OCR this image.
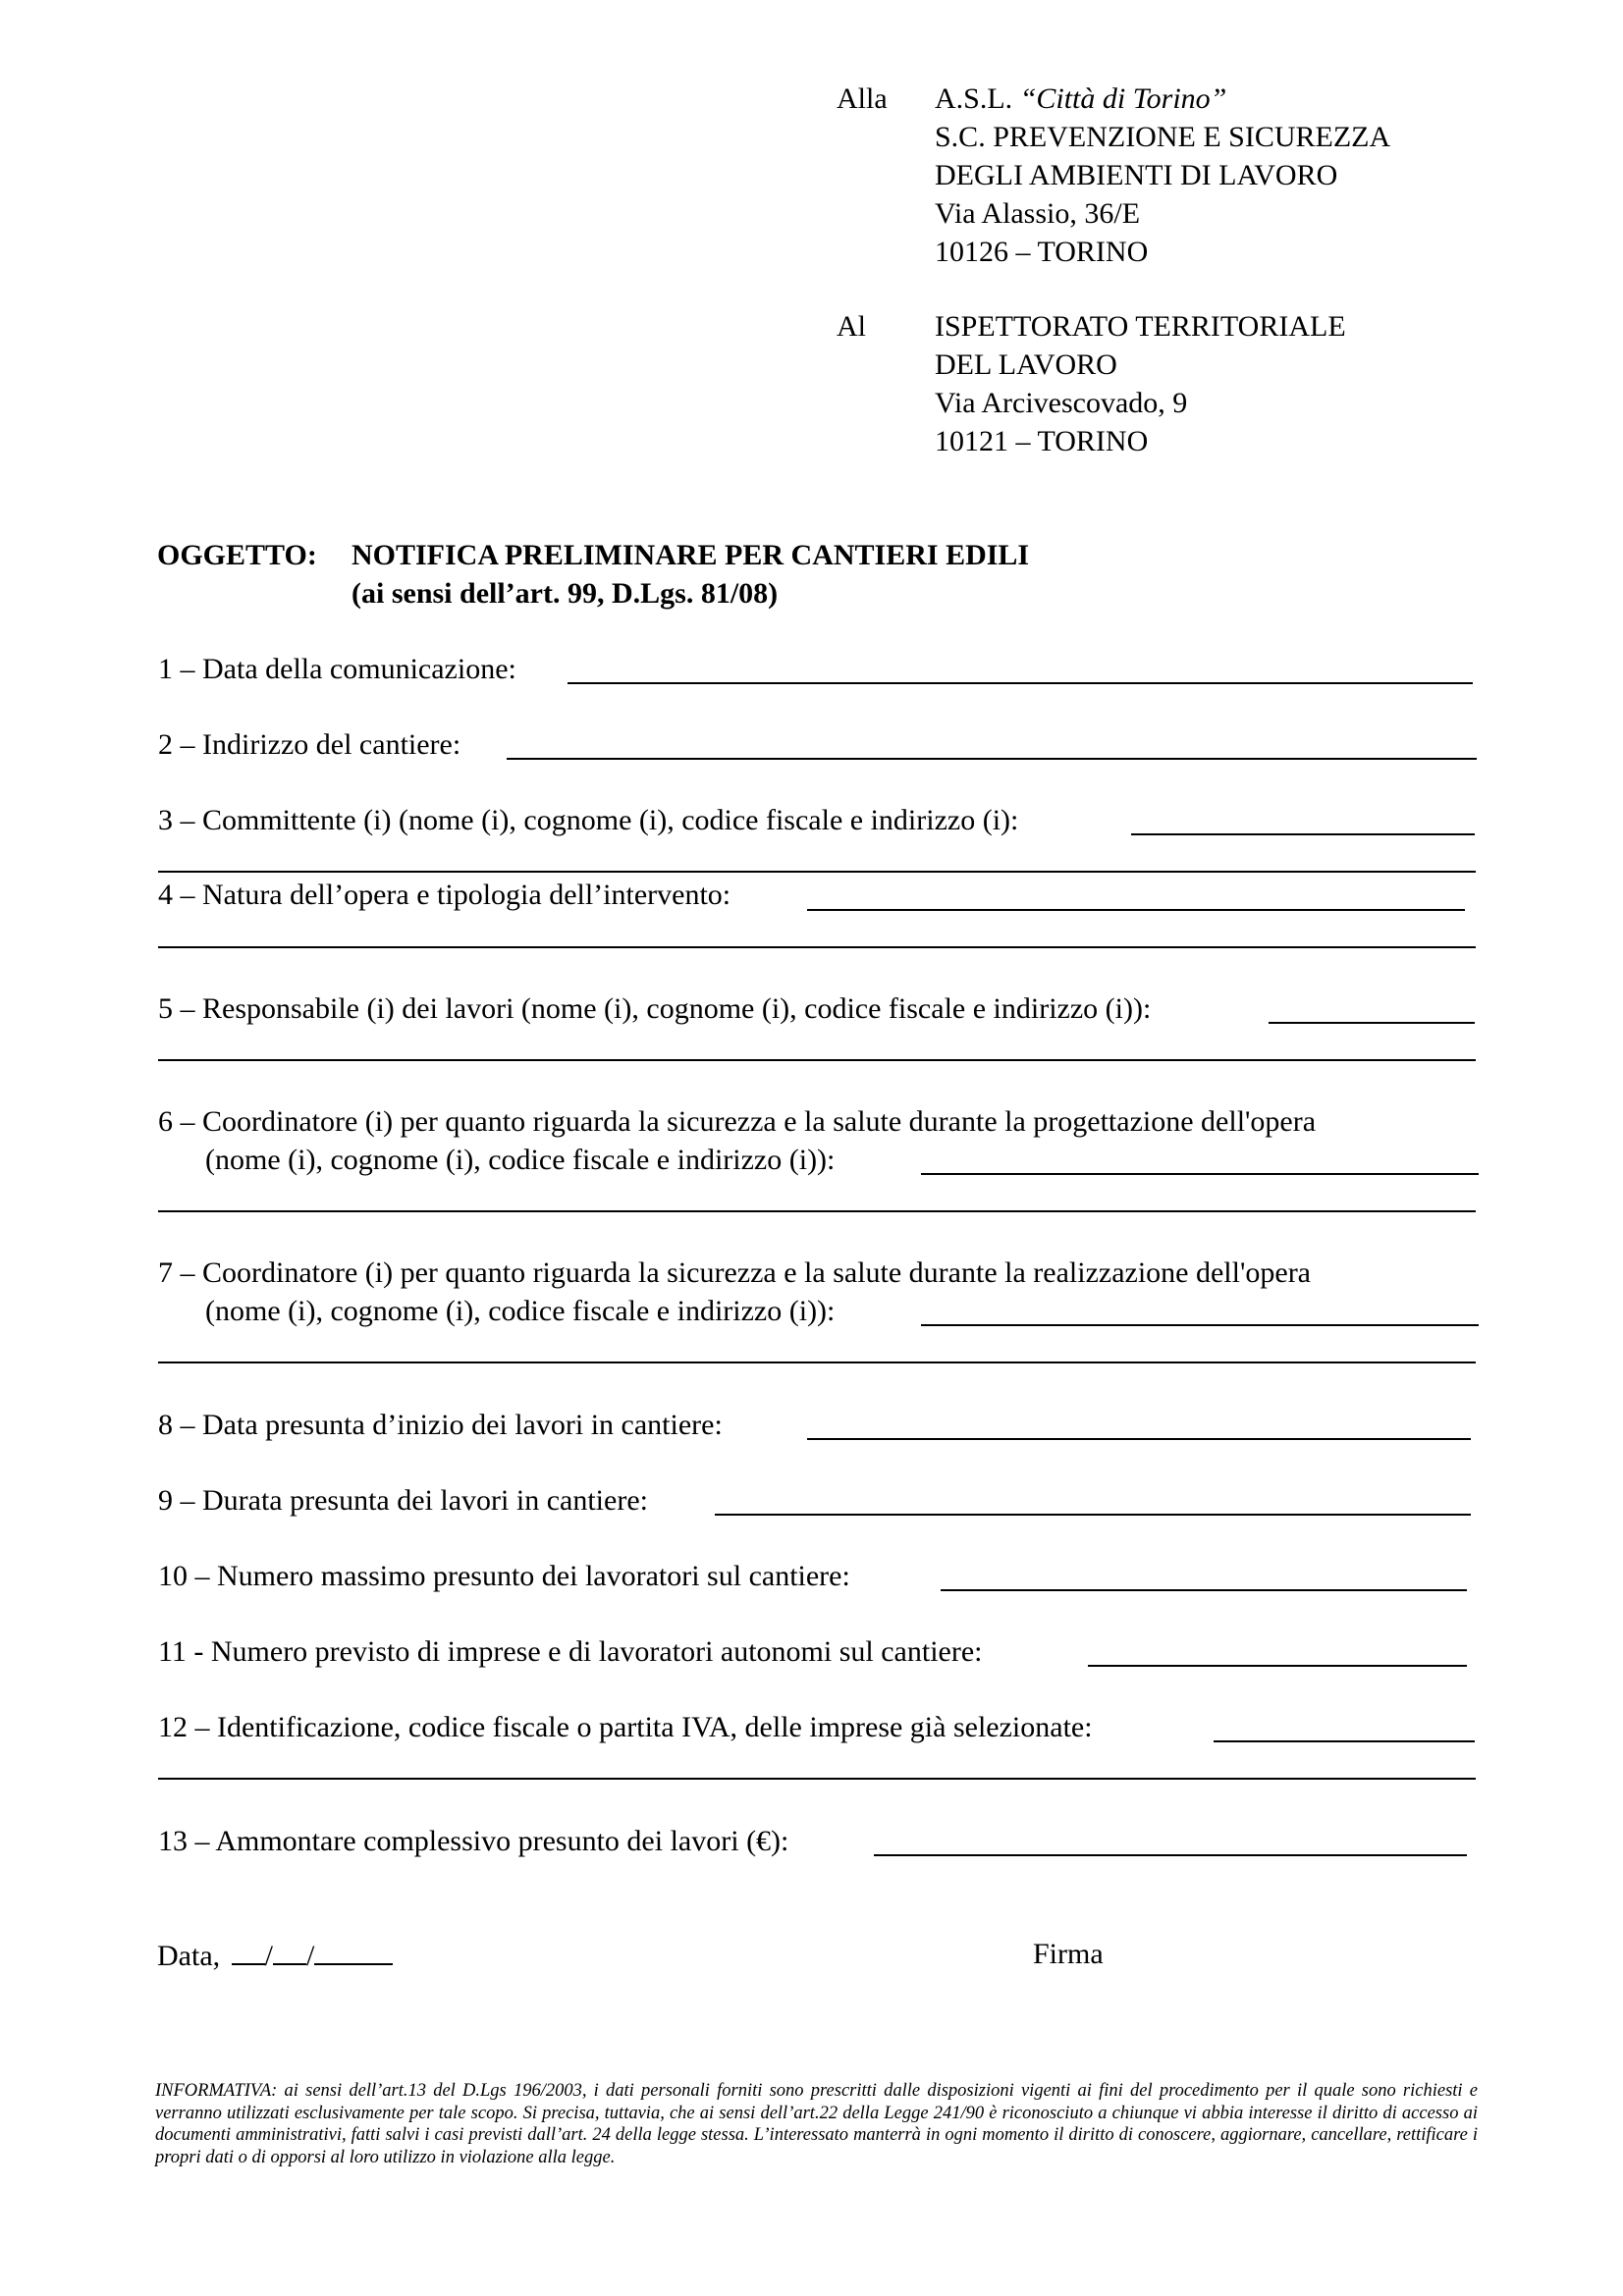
Alla A.S.L. “Città di Torino”
S.C. PREVENZIONE E SICUREZZA
DEGLI AMBIENTI DI LAVORO
Via Alassio, 36/E
10126 – TORINO
Al ISPETTORATO TERRITORIALE
DEL LAVORO
Via Arcivescovado, 9
10121 – TORINO
OGGETTO: NOTIFICA PRELIMINARE PER CANTIERI EDILI
(ai sensi dell’art. 99, D.Lgs. 81/08)
1 – Data della comunicazione:
2 – Indirizzo del cantiere:
3 – Committente (i) (nome (i), cognome (i), codice fiscale e indirizzo (i):
4 – Natura dell’opera e tipologia dell’intervento:
5 – Responsabile (i) dei lavori (nome (i), cognome (i), codice fiscale e indirizzo (i)):
6 – Coordinatore (i) per quanto riguarda la sicurezza e la salute durante la progettazione dell'opera
(nome (i), cognome (i), codice fiscale e indirizzo (i)):
7 – Coordinatore (i) per quanto riguarda la sicurezza e la salute durante la realizzazione dell'opera
(nome (i), cognome (i), codice fiscale e indirizzo (i)):
8 – Data presunta d’inizio dei lavori in cantiere:
9 – Durata presunta dei lavori in cantiere:
10 – Numero massimo presunto dei lavoratori sul cantiere:
11 - Numero previsto di imprese e di lavoratori autonomi sul cantiere:
12 – Identificazione, codice fiscale o partita IVA, delle imprese già selezionate:
13 – Ammontare complessivo presunto dei lavori (€):
Data, / /	Firma
INFORMATIVA: ai sensi dell’art.13 del D.Lgs 196/2003, i dati personali forniti sono prescritti dalle disposizioni vigenti ai fini del procedimento per il quale sono richiesti e verranno utilizzati esclusivamente per tale scopo. Si precisa, tuttavia, che ai sensi dell’art.22 della Legge 241/90 è riconosciuto a chiunque vi abbia interesse il diritto di accesso ai documenti amministrativi, fatti salvi i casi previsti dall’art. 24 della legge stessa. L’interessato manterrà in ogni momento il diritto di conoscere, aggiornare, cancellare, rettificare i propri dati o di opporsi al loro utilizzo in violazione alla legge.
